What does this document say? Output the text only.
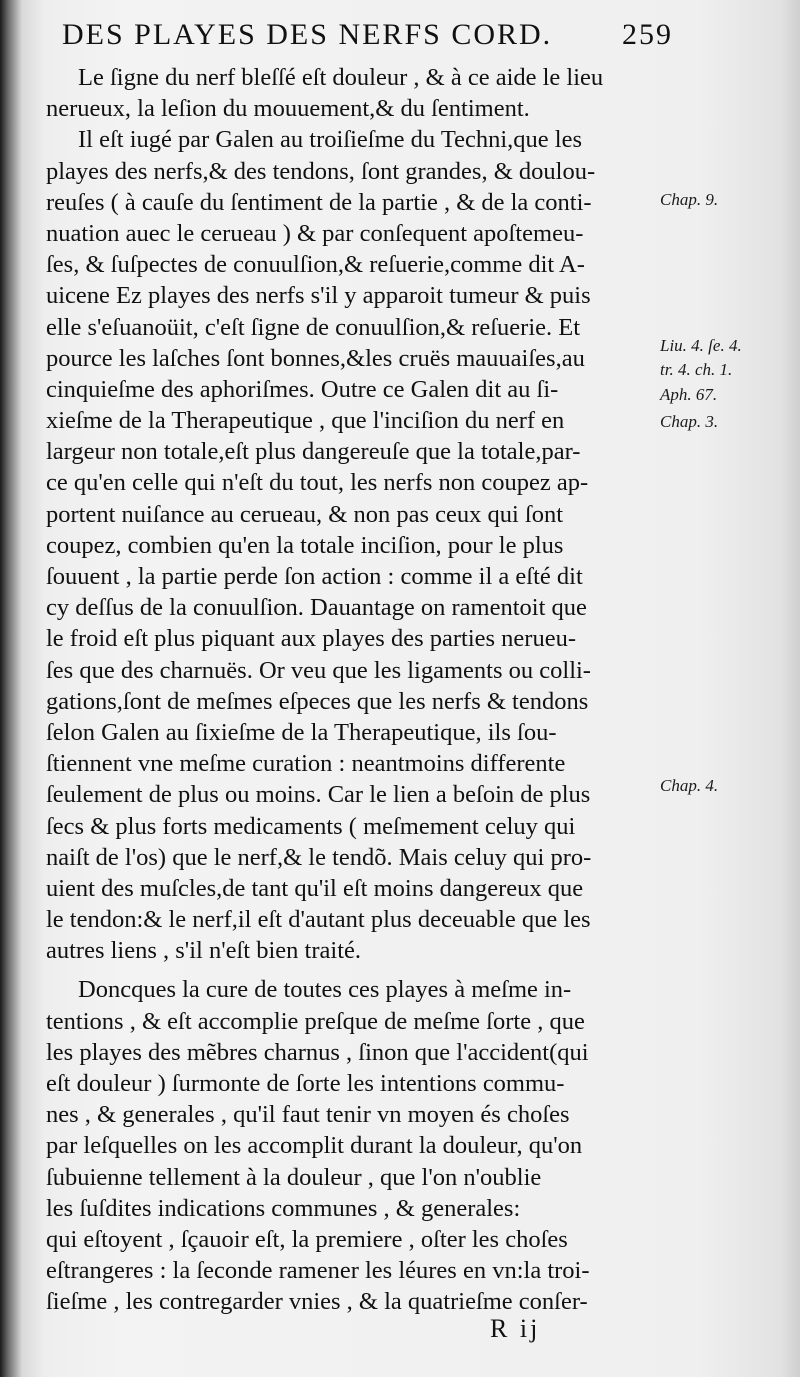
DES PLAYES DES NERFS CORD. 259
Le ſigne du nerf bleſſé eſt douleur , & à ce aide le lieu
nerueux, la leſion du mouuement,& du ſentiment.
Il eſt iugé par Galen au troiſieſme du Techni,que les
playes des nerfs,& des tendons, ſont grandes, & doulou-
reuſes ( à cauſe du ſentiment de la partie , & de la conti-
nuation auec le cerueau ) & par conſequent apoſtemeu-
ſes, & ſuſpectes de conuulſion,& reſuerie,comme dit A-
uicene Ez playes des nerfs s'il y apparoit tumeur & puis
elle s'eſuanoüit, c'eſt ſigne de conuulſion,& reſuerie. Et
pource les laſches ſont bonnes,&les cruës mauuaiſes,au
cinquieſme des aphoriſmes. Outre ce Galen dit au ſi-
xieſme de la Therapeutique , que l'inciſion du nerf en
largeur non totale,eſt plus dangereuſe que la totale,par-
ce qu'en celle qui n'eſt du tout, les nerfs non coupez ap-
portent nuiſance au cerueau, & non pas ceux qui ſont
coupez, combien qu'en la totale inciſion, pour le plus
ſouuent , la partie perde ſon action : comme il a eſté dit
cy deſſus de la conuulſion. Dauantage on ramentoit que
le froid eſt plus piquant aux playes des parties nerueu-
ſes que des charnuës. Or veu que les ligaments ou colli-
gations,ſont de meſmes eſpeces que les nerfs & tendons
ſelon Galen au ſixieſme de la Therapeutique, ils ſou-
ſtiennent vne meſme curation : neantmoins differente
ſeulement de plus ou moins. Car le lien a beſoin de plus
ſecs & plus forts medicaments ( meſmement celuy qui
naiſt de l'os) que le nerf,& le tendõ. Mais celuy qui pro-
uient des muſcles,de tant qu'il eſt moins dangereux que
le tendon:& le nerf,il eſt d'autant plus deceuable que les
autres liens , s'il n'eſt bien traité.
Doncques la cure de toutes ces playes à meſme in-
tentions , & eſt accomplie preſque de meſme ſorte , que
les playes des mẽbres charnus , ſinon que l'accident(qui
eſt douleur ) ſurmonte de ſorte les intentions commu-
nes , & generales , qu'il faut tenir vn moyen és choſes
par leſquelles on les accomplit durant la douleur, qu'on
ſubuienne tellement à la douleur , que l'on n'oublie
les ſuſdites indications communes , & generales:
qui eſtoyent , ſçauoir eſt, la premiere , oſter les choſes
eſtrangeres : la ſeconde ramener les léures en vn:la troi-
ſieſme , les contregarder vnies , & la quatrieſme conſer-
Chap. 9.
Liu. 4. ſe. 4.
tr. 4. ch. 1.
Aph. 67.
Chap. 3.
Chap. 4.
R ij
